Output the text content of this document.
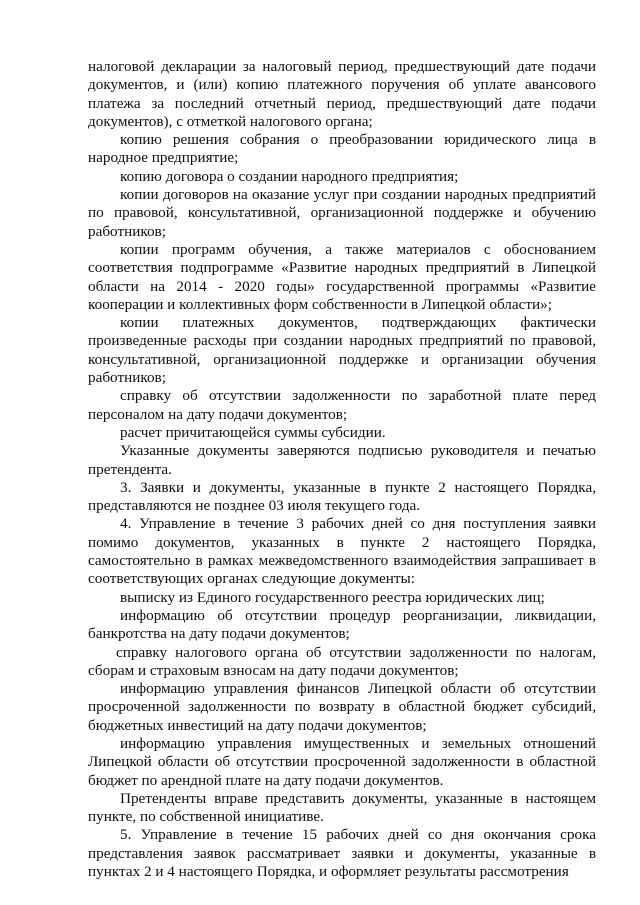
налоговой декларации за налоговый период, предшествующий дате подачи документов, и (или) копию платежного поручения об уплате авансового платежа за последний отчетный период, предшествующий дате подачи документов), с отметкой налогового органа;

копию решения собрания о преобразовании юридического лица в народное предприятие;

копию договора о создании народного предприятия;

копии договоров на оказание услуг при создании народных предприятий по правовой, консультативной, организационной поддержке и обучению работников;

копии программ обучения, а также материалов с обоснованием соответствия подпрограмме «Развитие народных предприятий в Липецкой области на 2014 - 2020 годы» государственной программы «Развитие кооперации и коллективных форм собственности в Липецкой области»;

копии платежных документов, подтверждающих фактически произведенные расходы при создании народных предприятий по правовой, консультативной, организационной поддержке и организации обучения работников;

справку об отсутствии задолженности по заработной плате перед персоналом на дату подачи документов;

расчет причитающейся суммы субсидии.

Указанные документы заверяются подписью руководителя и печатью претендента.

3. Заявки и документы, указанные в пункте 2 настоящего Порядка, представляются не позднее 03 июля текущего года.

4. Управление в течение 3 рабочих дней со дня поступления заявки помимо документов, указанных в пункте 2 настоящего Порядка, самостоятельно в рамках межведомственного взаимодействия запрашивает в соответствующих органах следующие документы:

выписку из Единого государственного реестра юридических лиц;

информацию об отсутствии процедур реорганизации, ликвидации, банкротства на дату подачи документов;

справку налогового органа об отсутствии задолженности по налогам, сборам и страховым взносам на дату подачи документов;

информацию управления финансов Липецкой области об отсутствии просроченной задолженности по возврату в областной бюджет субсидий, бюджетных инвестиций на дату подачи документов;

информацию управления имущественных и земельных отношений Липецкой области об отсутствии просроченной задолженности в областной бюджет по арендной плате на дату подачи документов.

Претенденты вправе представить документы, указанные в настоящем пункте, по собственной инициативе.

5. Управление в течение 15 рабочих дней со дня окончания срока представления заявок рассматривает заявки и документы, указанные в пунктах 2 и 4 настоящего Порядка, и оформляет результаты рассмотрения
